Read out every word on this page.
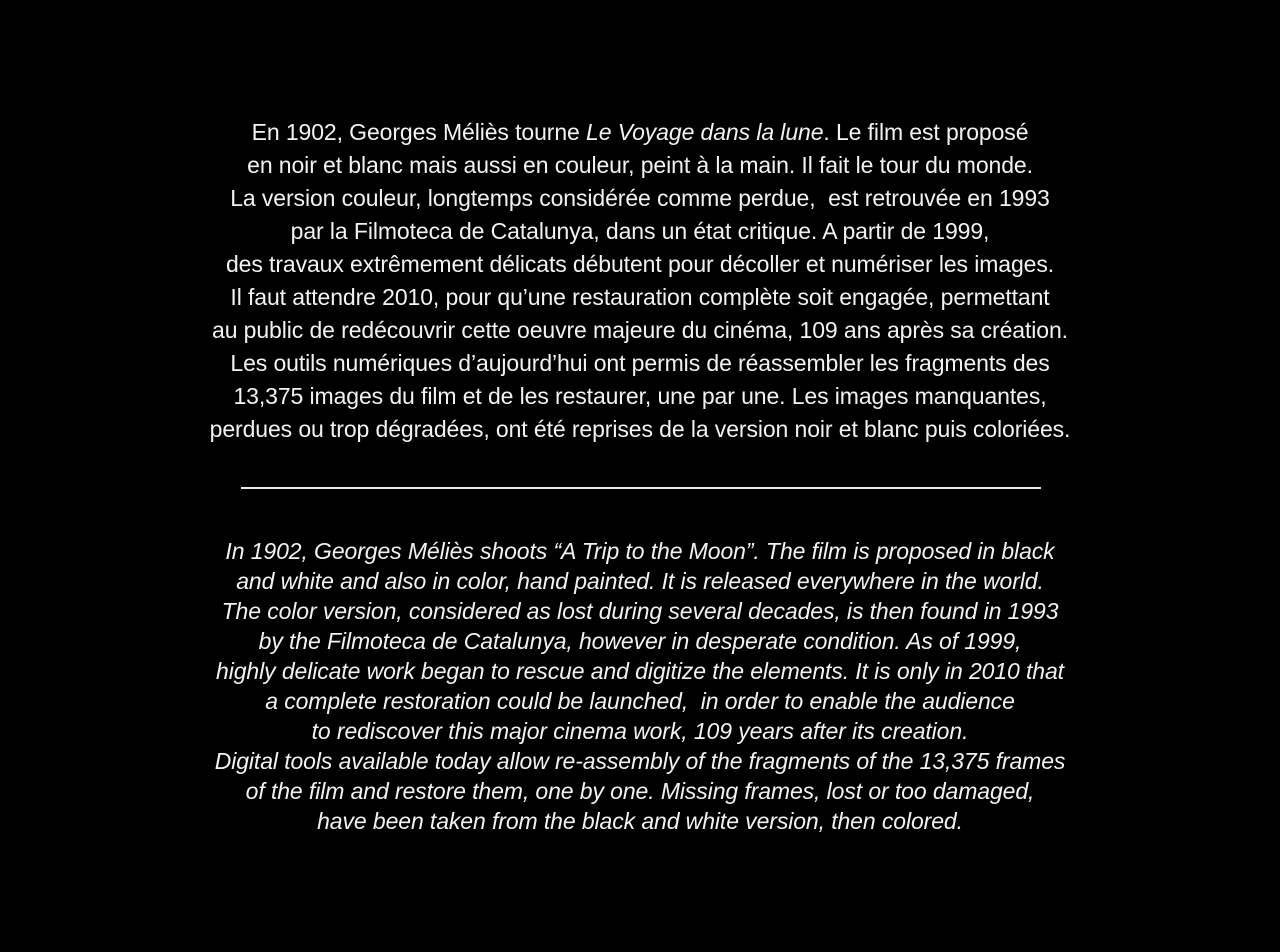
En 1902, Georges Méliès tourne Le Voyage dans la lune. Le film est proposé
en noir et blanc mais aussi en couleur, peint à la main. Il fait le tour du monde.
La version couleur, longtemps considérée comme perdue,  est retrouvée en 1993
par la Filmoteca de Catalunya, dans un état critique. A partir de 1999,
des travaux extrêmement délicats débutent pour décoller et numériser les images.
Il faut attendre 2010, pour qu’une restauration complète soit engagée, permettant
au public de redécouvrir cette oeuvre majeure du cinéma, 109 ans après sa création.
Les outils numériques d’aujourd’hui ont permis de réassembler les fragments des
13,375 images du film et de les restaurer, une par une. Les images manquantes,
perdues ou trop dégradées, ont été reprises de la version noir et blanc puis coloriées.
In 1902, Georges Méliès shoots “A Trip to the Moon”. The film is proposed in black
and white and also in color, hand painted. It is released everywhere in the world.
The color version, considered as lost during several decades, is then found in 1993
by the Filmoteca de Catalunya, however in desperate condition. As of 1999,
highly delicate work began to rescue and digitize the elements. It is only in 2010 that
a complete restoration could be launched,  in order to enable the audience
to rediscover this major cinema work, 109 years after its creation.
Digital tools available today allow re-assembly of the fragments of the 13,375 frames
of the film and restore them, one by one. Missing frames, lost or too damaged,
have been taken from the black and white version, then colored.
